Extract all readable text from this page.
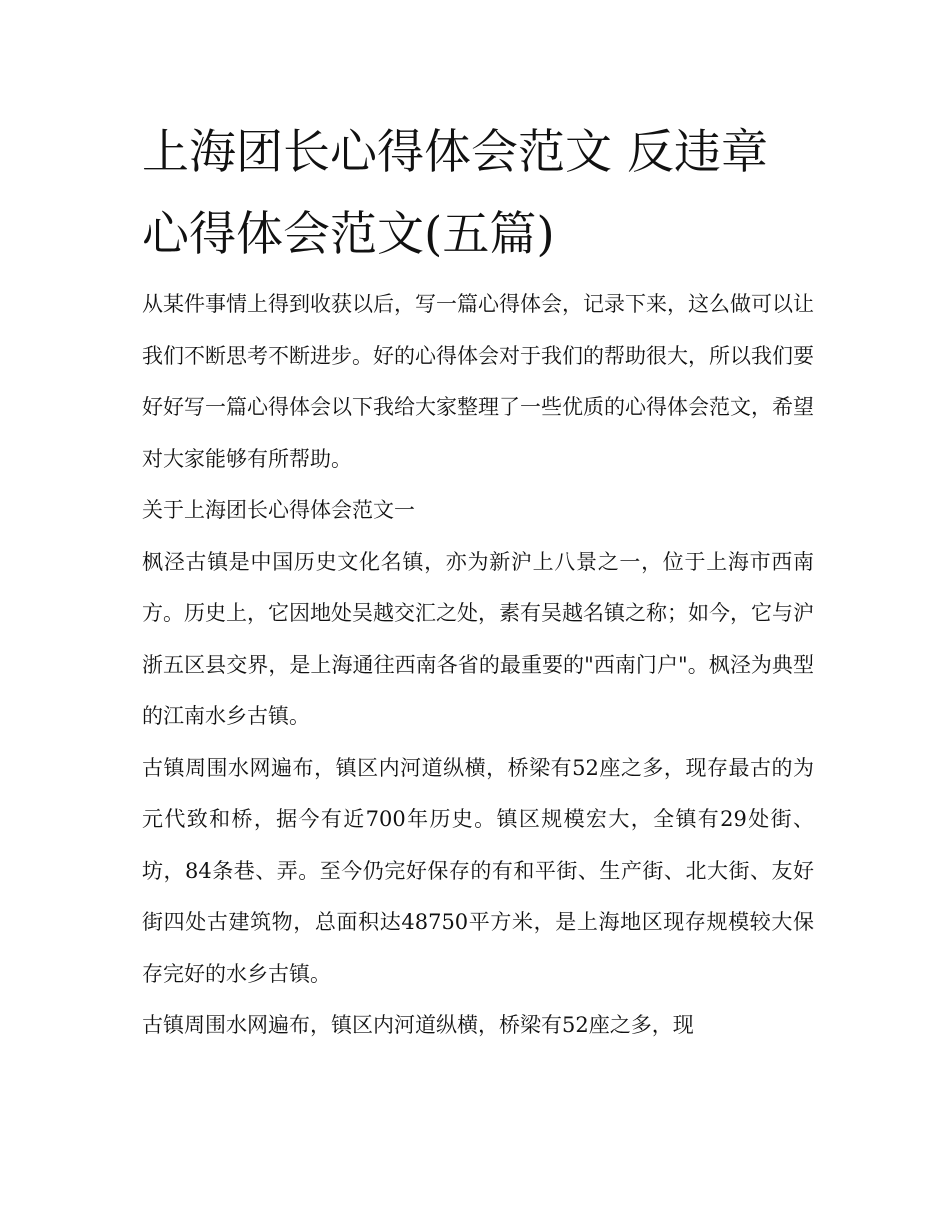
上海团长心得体会范文 反违章心得体会范文(五篇)

从某件事情上得到收获以后，写一篇心得体会，记录下来，这么做可以让我们不断思考不断进步。好的心得体会对于我们的帮助很大，所以我们要好好写一篇心得体会以下我给大家整理了一些优质的心得体会范文，希望对大家能够有所帮助。

关于上海团长心得体会范文一

枫泾古镇是中国历史文化名镇，亦为新沪上八景之一，位于上海市西南方。历史上，它因地处吴越交汇之处，素有吴越名镇之称；如今，它与沪浙五区县交界，是上海通往西南各省的最重要的"西南门户"。枫泾为典型的江南水乡古镇。

古镇周围水网遍布，镇区内河道纵横，桥梁有52座之多，现存最古的为元代致和桥，据今有近700年历史。镇区规模宏大，全镇有29处街、坊，84条巷、弄。至今仍完好保存的有和平街、生产街、北大街、友好街四处古建筑物，总面积达48750平方米，是上海地区现存规模较大保存完好的水乡古镇。

古镇周围水网遍布，镇区内河道纵横，桥梁有52座之多，现
